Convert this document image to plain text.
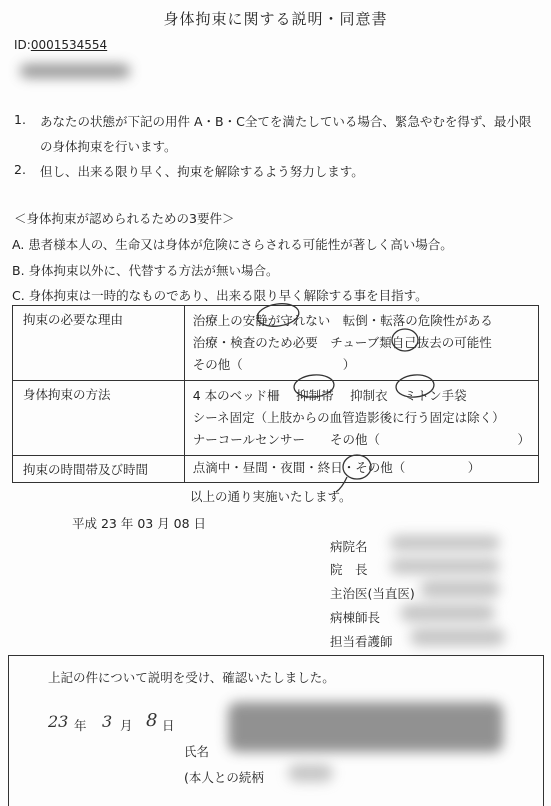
身体拘束に関する説明・同意書
ID:0001534554
1. あなたの状態が下記の用件 A・B・C全てを満たしている場合、緊急やむを得ず、最小限
の身体拘束を行います。
2. 但し、出来る限り早く、拘束を解除するよう努力します。
＜身体拘束が認められるための3要件＞
A. 患者様本人の、生命又は身体が危険にさらされる可能性が著しく高い場合。
B. 身体拘束以外に、代替する方法が無い場合。
C. 身体拘束は一時的なものであり、出来る限り早く解除する事を目指す。
拘束の必要な理由	治療上の安静が守れない　転倒・転落の危険性がある
治療・検査のため必要　チューブ類自己抜去の可能性
その他（　　　　　　　　）

身体拘束の方法	4 本のベッド柵　 抑制帯　 抑制衣　 ミトン手袋
シーネ固定（上肢からの血管造影後に行う固定は除く）
ナーコールセンサー　　その他（　　　　　　　　　　　）

拘束の時間帯及び時間	点滴中・昼間・夜間・終日・その他（　　　　　）
以上の通り実施いたします。
平成 23 年 03 月 08 日
病院名
院　長
主治医(当直医)
病棟師長
担当看護師
上記の件について説明を受け、確認いたしました。
23 年 3 月 8 日
氏名
(本人との続柄
